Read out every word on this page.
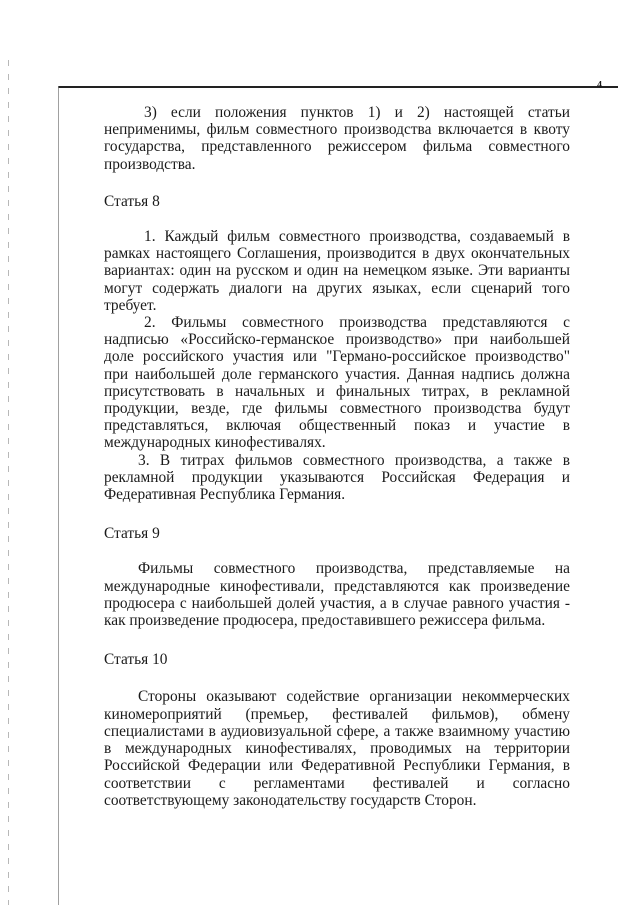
4

3) если положения пунктов 1) и 2) настоящей статьи неприменимы, фильм совместного производства включается в квоту государства, представленного режиссером фильма совместного производства.

Статья 8

1. Каждый фильм совместного производства, создаваемый в рамках настоящего Соглашения, производится в двух окончательных вариантах: один на русском и один на немецком языке. Эти варианты могут содержать диалоги на других языках, если сценарий того требует.

2. Фильмы совместного производства представляются с надписью «Российско-германское производство» при наибольшей доле российского участия или "Германо-российское производство" при наибольшей доле германского участия. Данная надпись должна присутствовать в начальных и финальных титрах, в рекламной продукции, везде, где фильмы совместного производства будут представляться, включая общественный показ и участие в международных кинофестивалях.

3. В титрах фильмов совместного производства, а также в рекламной продукции указываются Российская Федерация и Федеративная Республика Германия.

Статья 9

Фильмы совместного производства, представляемые на международные кинофестивали, представляются как произведение продюсера с наибольшей долей участия, а в случае равного участия - как произведение продюсера, предоставившего режиссера фильма.

Статья 10

Стороны оказывают содействие организации некоммерческих киномероприятий (премьер, фестивалей фильмов), обмену специалистами в аудиовизуальной сфере, а также взаимному участию в международных кинофестивалях, проводимых на территории Российской Федерации или Федеративной Республики Германия, в соответствии с регламентами фестивалей и согласно соответствующему законодательству государств Сторон.
